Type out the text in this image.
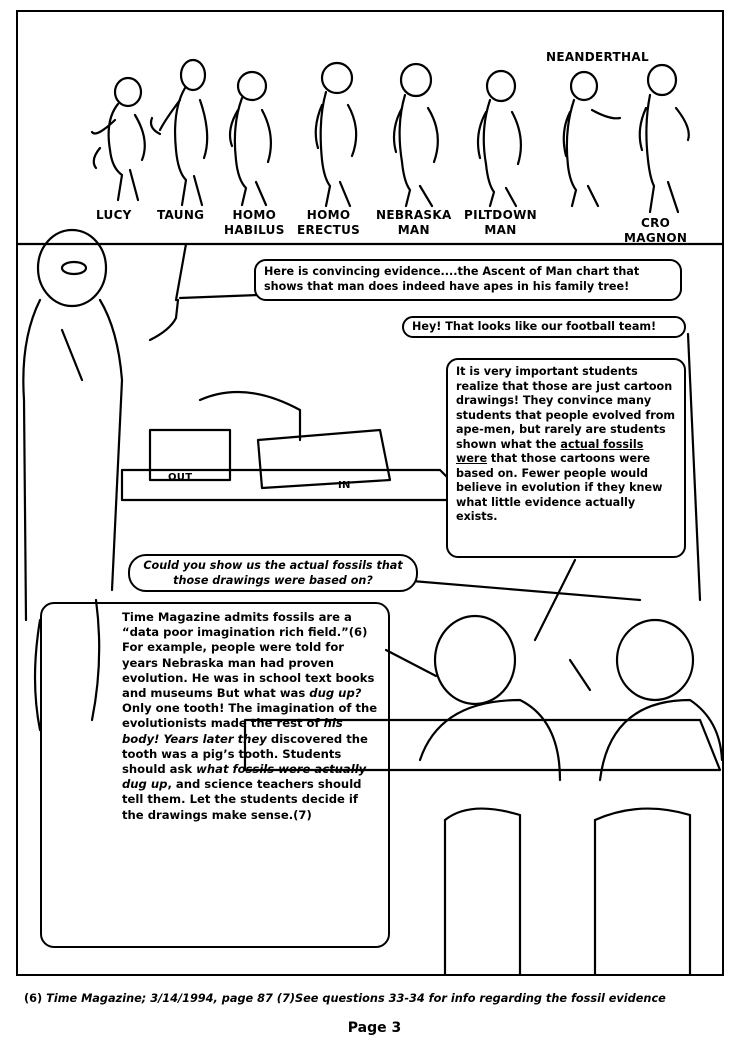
LUCY TAUNG	HOMO
HABILUS
HOMO
ERECTUS
NEBRASKA
MAN
PILTDOWN
MAN
NEANDERTHAL
CRO
MAGNON
OUT
IN
Here is convincing evidence....the Ascent of Man chart that shows that man does indeed have apes in his family tree!
Hey! That looks like our football team!
It is very important students realize that those are just cartoon drawings! They convince many students that people evolved from ape-men, but rarely are students shown what the actual fossils were that those cartoons were based on. Fewer people would believe in evolution if they knew what little evidence actually exists.
Could you show us the actual fossils that those drawings were based on?
Time Magazine admits fossils are a “data poor imagination rich field.”(6) For example, people were told for years Nebraska man had proven evolution. He was in school text books and museums But what was dug up? Only one tooth! The imagination of the evolutionists made the rest of his body! Years later they discovered the tooth was a pig’s tooth. Students should ask what fossils were actually dug up, and science teachers should tell them. Let the students decide if the drawings make sense.(7)
(6) Time Magazine; 3/14/1994, page 87 (7)See questions 33-34 for info regarding the fossil evidence
Page 3
